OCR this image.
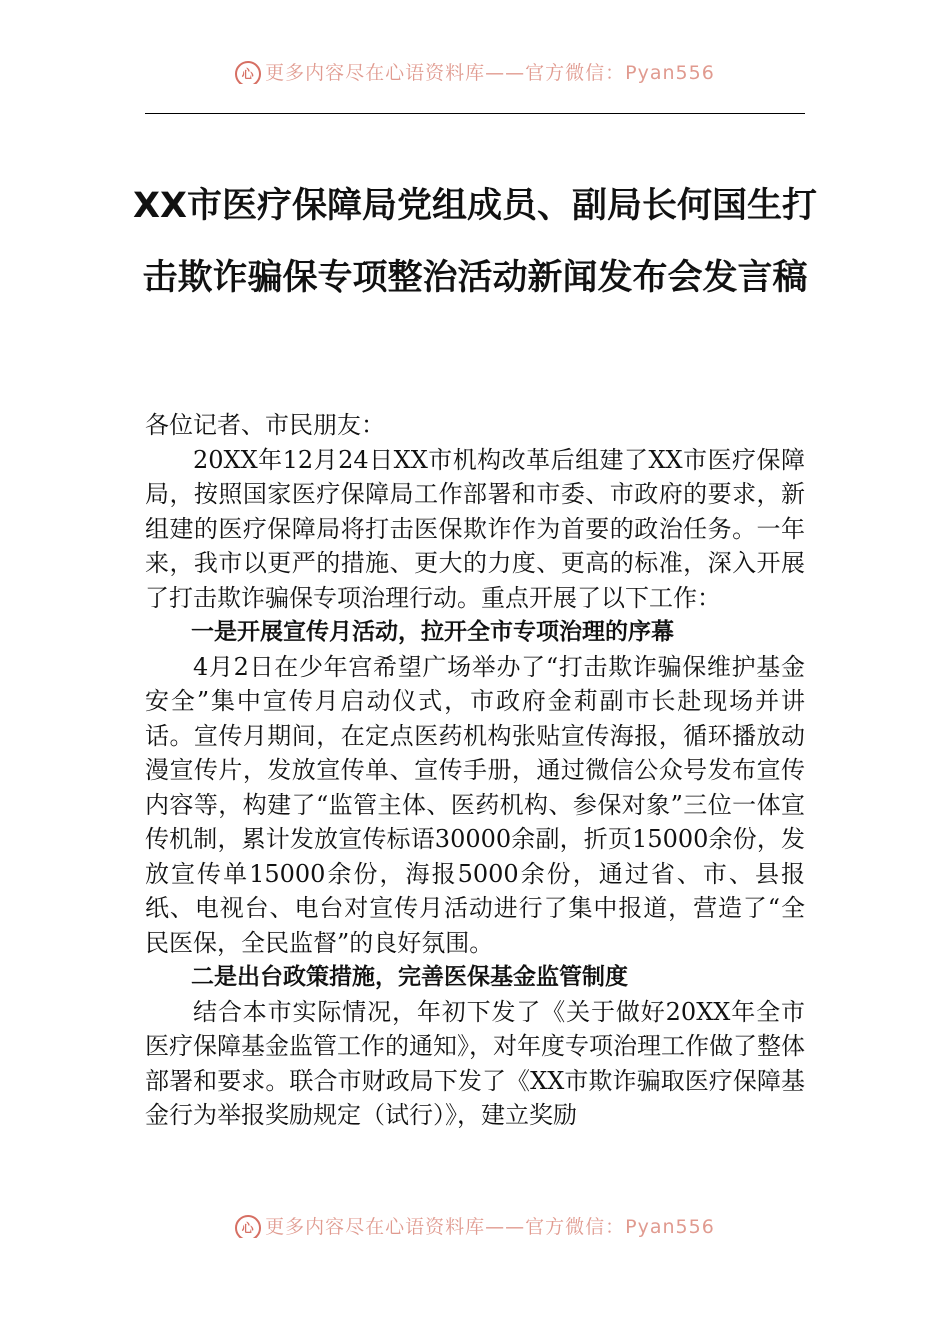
心 更多内容尽在心语资料库——官方微信：Pyan556
XX市医疗保障局党组成员、副局长何国生打击欺诈骗保专项整治活动新闻发布会发言稿

各位记者、市民朋友：

20XX年12月24日XX市机构改革后组建了XX市医疗保障局，按照国家医疗保障局工作部署和市委、市政府的要求，新组建的医疗保障局将打击医保欺诈作为首要的政治任务。一年来，我市以更严的措施、更大的力度、更高的标准，深入开展了打击欺诈骗保专项治理行动。重点开展了以下工作：

一是开展宣传月活动，拉开全市专项治理的序幕

4月2日在少年宫希望广场举办了“打击欺诈骗保维护基金安全”集中宣传月启动仪式，市政府金莉副市长赴现场并讲话。宣传月期间，在定点医药机构张贴宣传海报，循环播放动漫宣传片，发放宣传单、宣传手册，通过微信公众号发布宣传内容等，构建了“监管主体、医药机构、参保对象”三位一体宣传机制，累计发放宣传标语30000余副，折页15000余份，发放宣传单15000余份，海报5000余份，通过省、市、县报纸、电视台、电台对宣传月活动进行了集中报道，营造了“全民医保，全民监督”的良好氛围。

二是出台政策措施，完善医保基金监管制度

结合本市实际情况，年初下发了《关于做好20XX年全市医疗保障基金监管工作的通知》，对年度专项治理工作做了整体部署和要求。联合市财政局下发了《XX市欺诈骗取医疗保障基金行为举报奖励规定（试行）》，建立奖励

心 更多内容尽在心语资料库——官方微信：Pyan556
